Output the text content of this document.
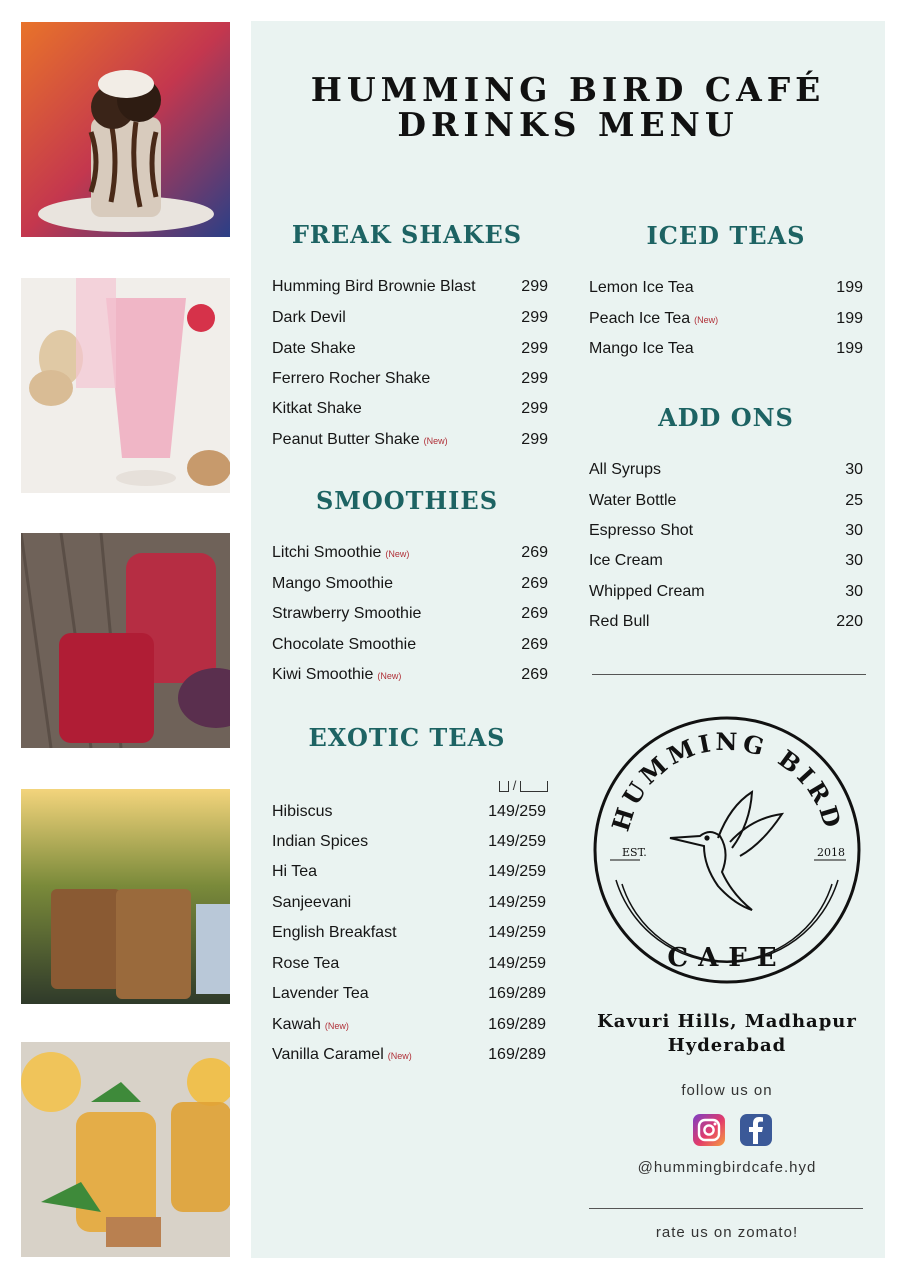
HUMMING BIRD CAFÉ
DRINKS MENU
FREAK SHAKES
Humming Bird Brownie Blast	299
Dark Devil	299
Date Shake	299
Ferrero Rocher Shake	299
Kitkat Shake	299
Peanut Butter Shake (New)	299
SMOOTHIES
Litchi Smoothie (New)	269
Mango Smoothie	269
Strawberry Smoothie	269
Chocolate Smoothie	269
Kiwi Smoothie (New)	269
EXOTIC TEAS
/
Hibiscus	149/259
Indian Spices	149/259
Hi Tea	149/259
Sanjeevani	149/259
English Breakfast	149/259
Rose Tea	149/259
Lavender Tea	169/289
Kawah (New)	169/289
Vanilla Caramel (New)	169/289
ICED TEAS
Lemon Ice Tea	199
Peach Ice Tea (New)	199
Mango Ice Tea	199
ADD ONS
All Syrups	30
Water Bottle	25
Espresso Shot	30
Ice Cream	30
Whipped Cream	30
Red Bull	220
HUMMING BIRD
EST.	2018
CAFE
Kavuri Hills, Madhapur
Hyderabad
follow us on
@hummingbirdcafe.hyd
rate us on zomato!
